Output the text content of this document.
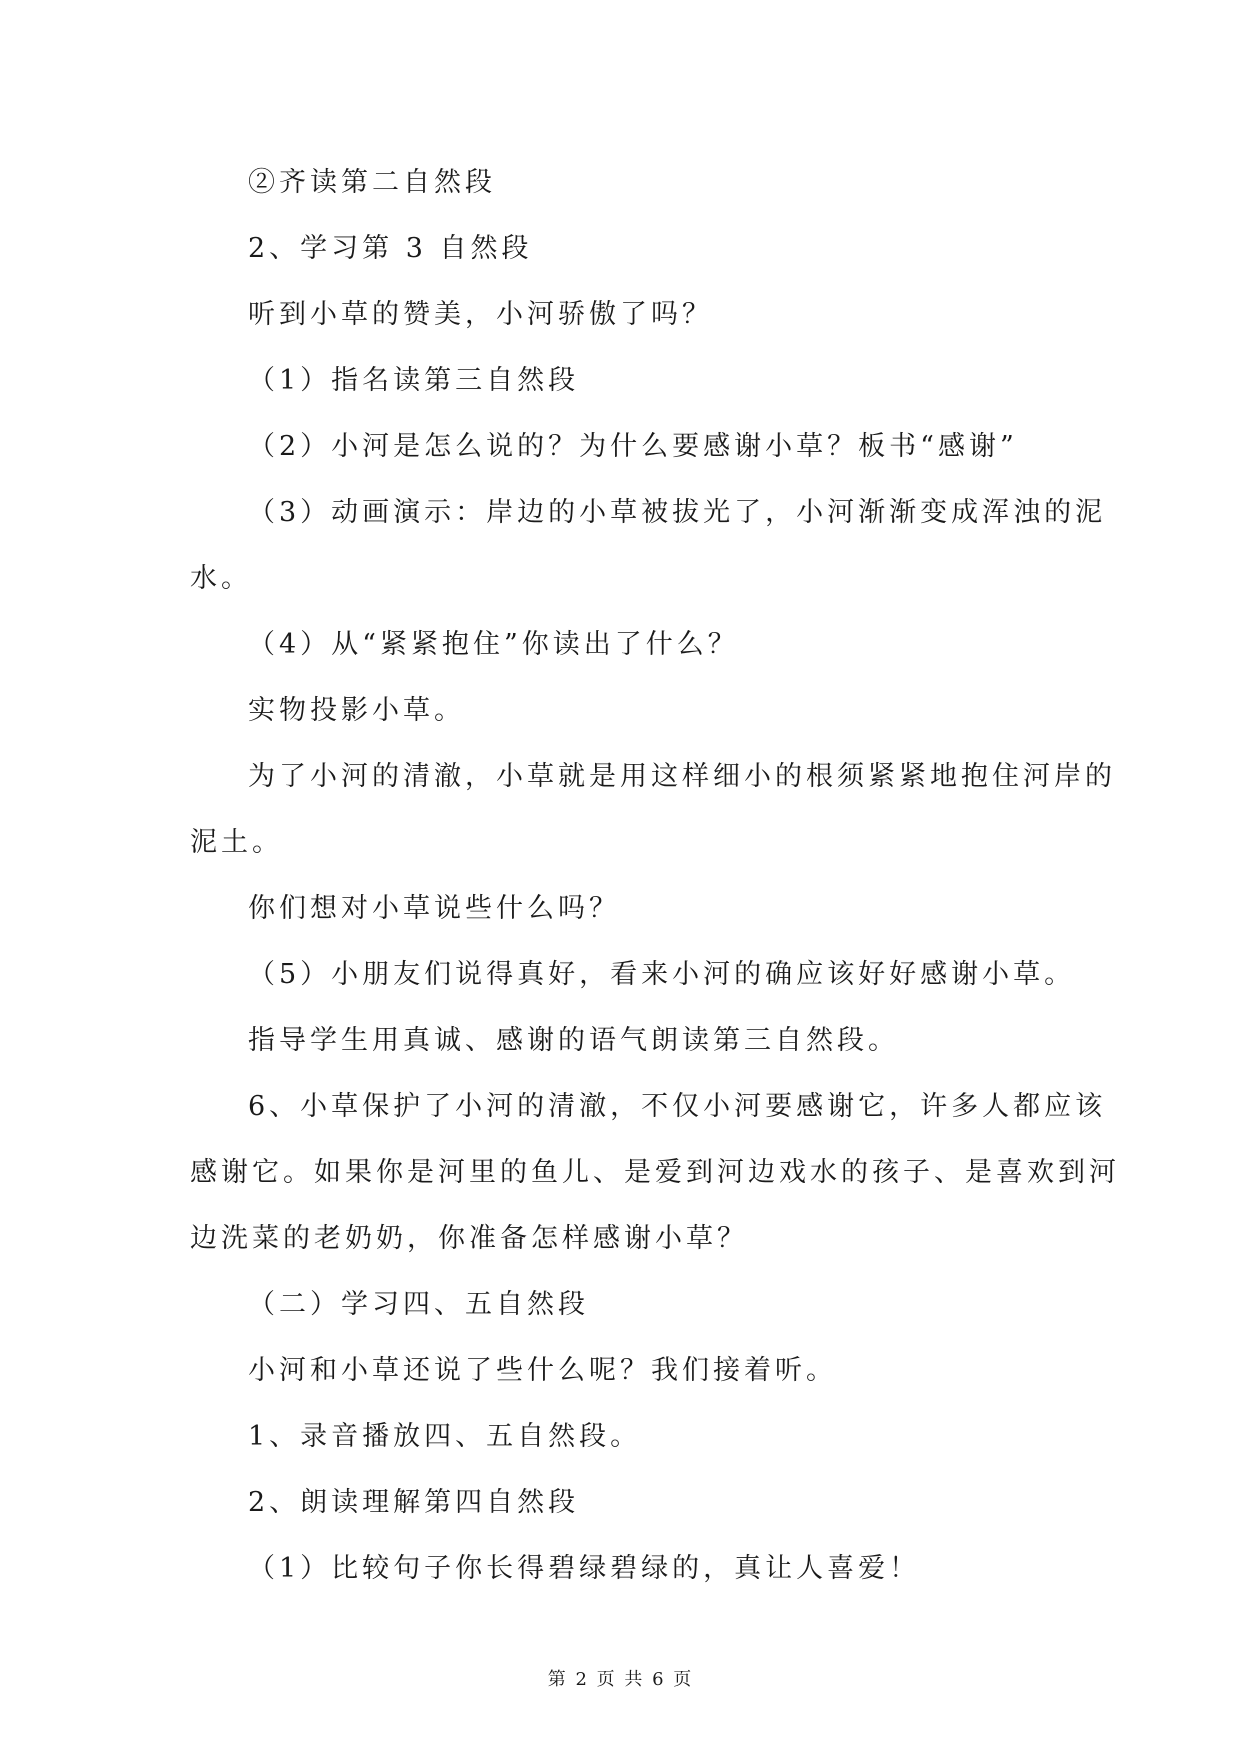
②齐读第二自然段
2、学习第 3 自然段
听到小草的赞美，小河骄傲了吗？
（1）指名读第三自然段
（2）小河是怎么说的？为什么要感谢小草？板书“感谢”
（3）动画演示：岸边的小草被拔光了，小河渐渐变成浑浊的泥
水。
（4）从“紧紧抱住”你读出了什么？
实物投影小草。
为了小河的清澈，小草就是用这样细小的根须紧紧地抱住河岸的
泥土。
你们想对小草说些什么吗？
（5）小朋友们说得真好，看来小河的确应该好好感谢小草。
指导学生用真诚、感谢的语气朗读第三自然段。
6、小草保护了小河的清澈，不仅小河要感谢它，许多人都应该
感谢它。如果你是河里的鱼儿、是爱到河边戏水的孩子、是喜欢到河
边洗菜的老奶奶，你准备怎样感谢小草？
（二）学习四、五自然段
小河和小草还说了些什么呢？我们接着听。
1、录音播放四、五自然段。
2、朗读理解第四自然段
（1）比较句子你长得碧绿碧绿的，真让人喜爱！
第 2 页 共 6 页
